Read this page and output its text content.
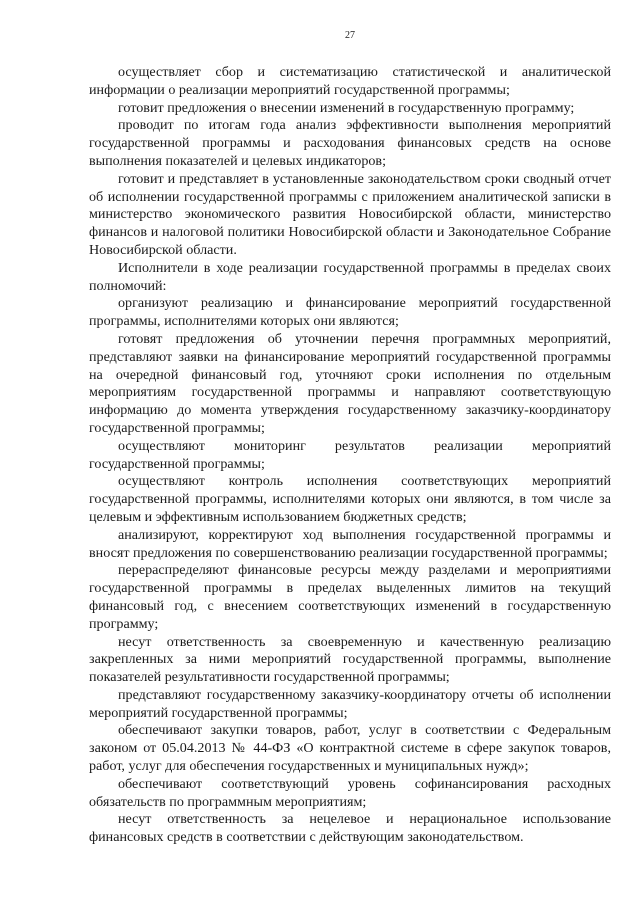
27

осуществляет сбор и систематизацию статистической и аналитической информации о реализации мероприятий государственной программы;

готовит предложения о внесении изменений в государственную программу;

проводит по итогам года анализ эффективности выполнения мероприятий государственной программы и расходования финансовых средств на основе выполнения показателей и целевых индикаторов;

готовит и представляет в установленные законодательством сроки сводный отчет об исполнении государственной программы с приложением аналитической записки в министерство экономического развития Новосибирской области, министерство финансов и налоговой политики Новосибирской области и Законодательное Собрание Новосибирской области.

Исполнители в ходе реализации государственной программы в пределах своих полномочий:

организуют реализацию и финансирование мероприятий государственной программы, исполнителями которых они являются;

готовят предложения об уточнении перечня программных мероприятий, представляют заявки на финансирование мероприятий государственной программы на очередной финансовый год, уточняют сроки исполнения по отдельным мероприятиям государственной программы и направляют соответствующую информацию до момента утверждения государственному заказчику-координатору государственной программы;

осуществляют мониторинг результатов реализации мероприятий государственной программы;

осуществляют контроль исполнения соответствующих мероприятий государственной программы, исполнителями которых они являются, в том числе за целевым и эффективным использованием бюджетных средств;

анализируют, корректируют ход выполнения государственной программы и вносят предложения по совершенствованию реализации государственной программы;

перераспределяют финансовые ресурсы между разделами и мероприятиями государственной программы в пределах выделенных лимитов на текущий финансовый год, с внесением соответствующих изменений в государственную программу;

несут ответственность за своевременную и качественную реализацию закрепленных за ними мероприятий государственной программы, выполнение показателей результативности государственной программы;

представляют государственному заказчику-координатору отчеты об исполнении мероприятий государственной программы;

обеспечивают закупки товаров, работ, услуг в соответствии с Федеральным законом от 05.04.2013 № 44-ФЗ «О контрактной системе в сфере закупок товаров, работ, услуг для обеспечения государственных и муниципальных нужд»;

обеспечивают соответствующий уровень софинансирования расходных обязательств по программным мероприятиям;

несут ответственность за нецелевое и нерациональное использование финансовых средств в соответствии с действующим законодательством.
